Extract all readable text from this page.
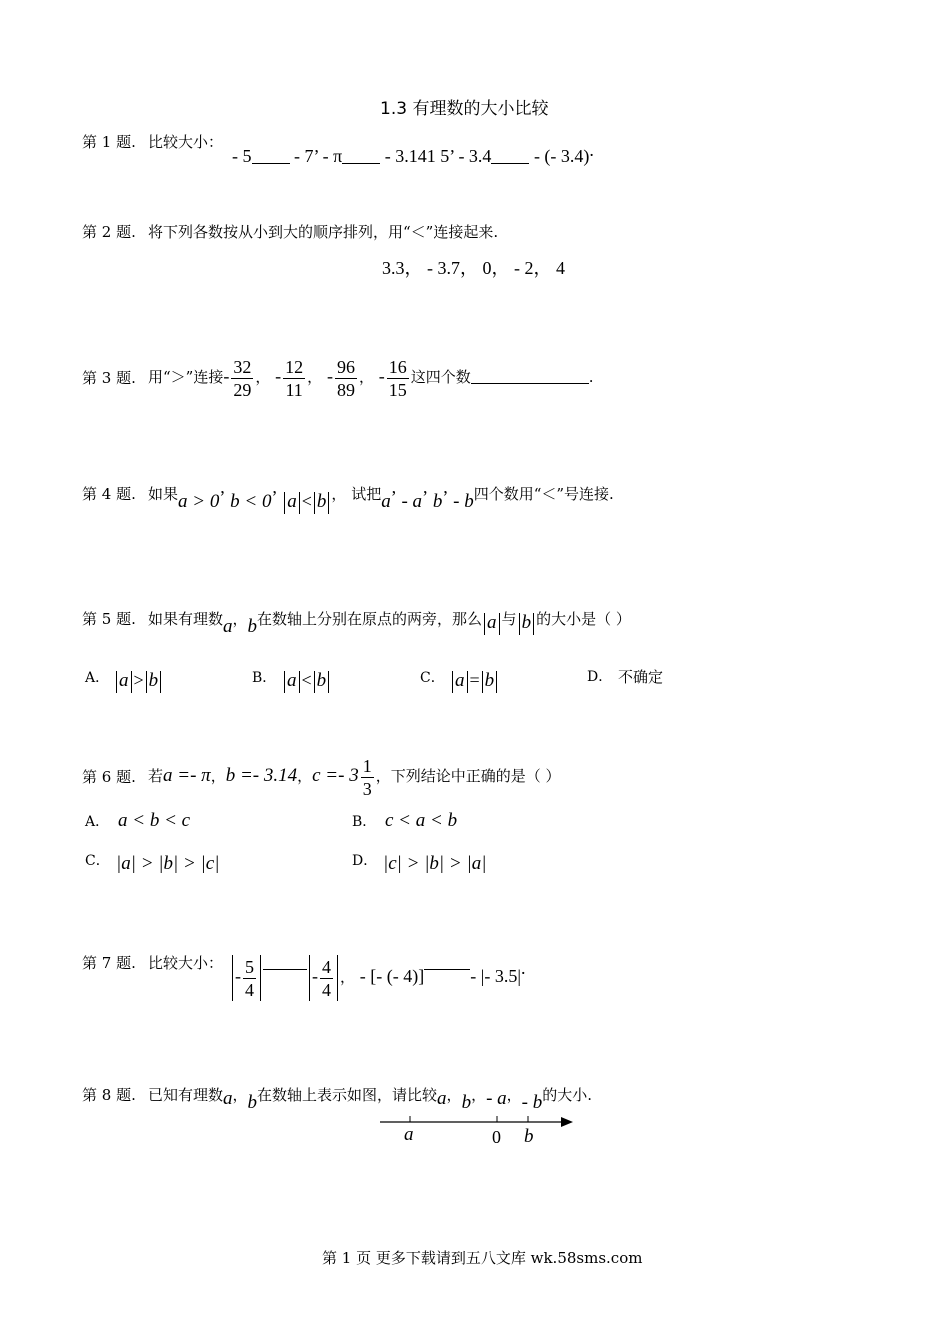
1.3 有理数的大小比较
第 1 题. 比较大小：
- 5 - 7’ - π - 3.141 5’ - 3.4 - (- 3.4).
第 2 题. 将下列各数按从小到大的顺序排列，用“＜”连接起来.
3.3， - 3.7， 0， - 2， 4
第 3 题. 用“＞”连接- $\frac{32}{29}$ ， - $\frac{12}{11}$ ， - $\frac{96}{89}$ ， - $\frac{16}{15}$ 这四个数	.
第 4 题. 如果a > 0’ b < 0’ a < b ， 试把a’ - a’ b’ - b四个数用“＜”号连接.
第 5 题. 如果有理数a，b在数轴上分别在原点的两旁，那么 a 与 b 的大小是（ ）
A． a > b	B． a < b	C． a = b	D． 不确定
第 6 题. 若a =- π，b =- 3.14，$c =- 3 \frac{1}{3}$ ，下列结论中正确的是（ ）
A． a < b < c	B． c < a < b
C． |a| > |b| > |c|	D． |c| > |b| > |a|
第 7 题. 比较大小：
- $\frac{5}{4}$	- $\frac{4}{4}$ ， - [- (- 4)]	- |- 3.5|.
第 8 题. 已知有理数a，b在数轴上表示如图，请比较a，b，- a，- b的大小.
a	0 b
第 1 页 更多下载请到五八文库 wk.58sms.com
